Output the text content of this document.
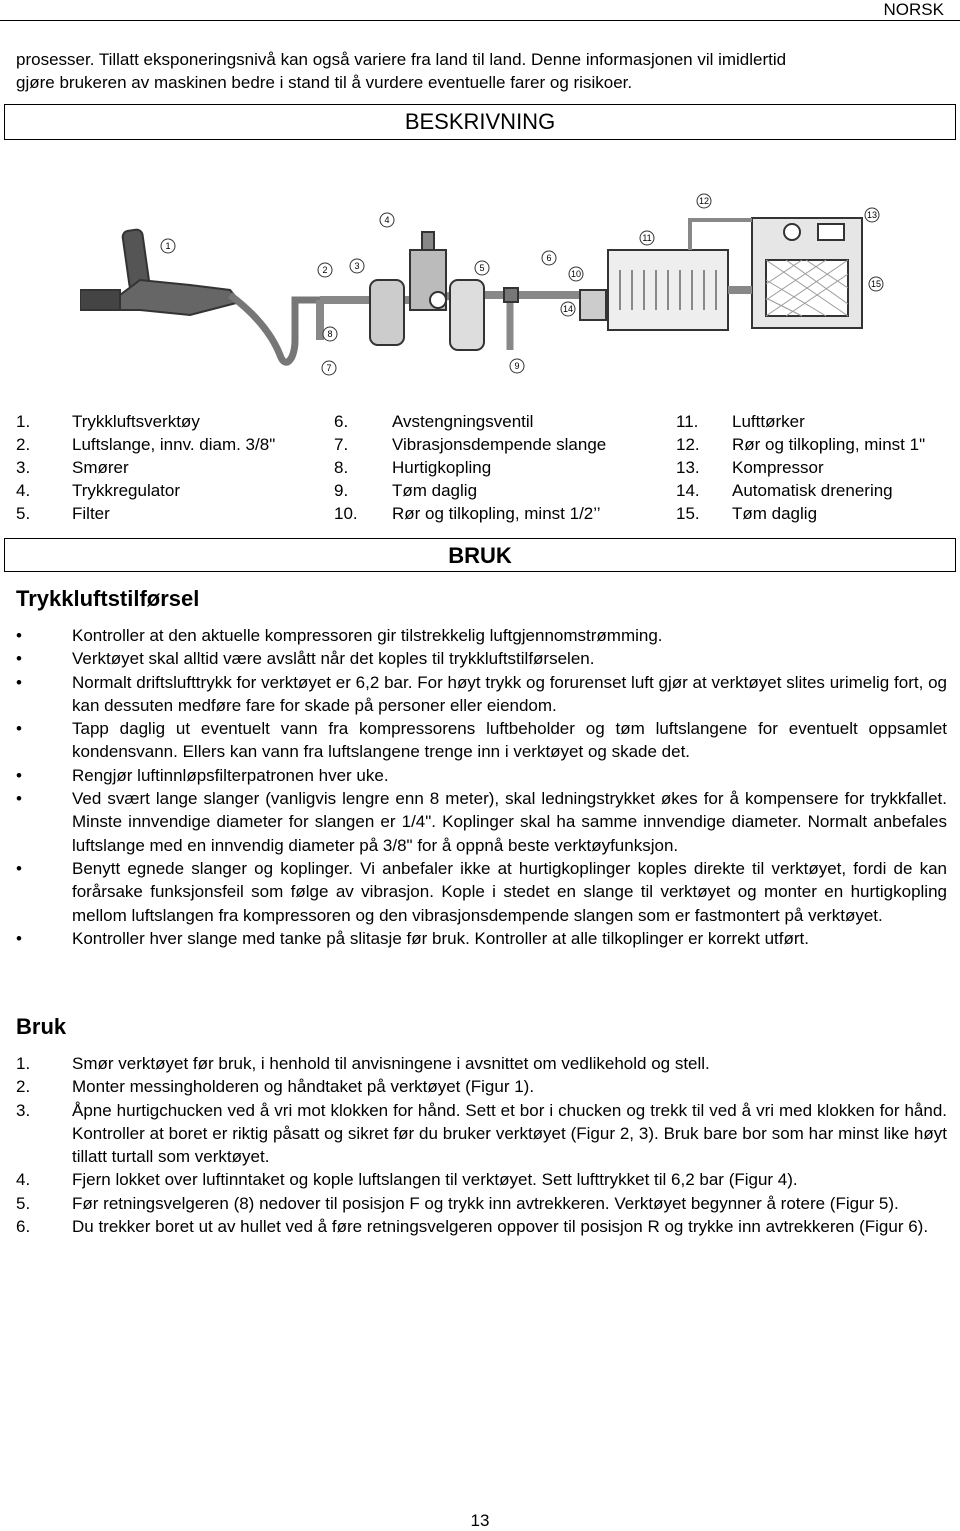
NORSK

prosesser. Tillatt eksponeringsnivå kan også variere fra land til land. Denne informasjonen vil imidlertid

gjøre brukeren av maskinen bedre i stand til å vurdere eventuelle farer og risikoer.

BESKRIVNING
1
2	3
4
5
6
7
8
9
10
11
12
13
14
15
1.	Trykkluftsverktøy
2.	Luftslange, innv. diam. 3/8"
3.	Smører
4.	Trykkregulator
5.	Filter
6.	Avstengningsventil
7.	Vibrasjonsdempende slange
8.	Hurtigkopling
9.	Tøm daglig
10.	Rør og tilkopling, minst 1/2’’
11.	Lufttørker
12.	Rør og tilkopling, minst 1"
13.	Kompressor
14.	Automatisk drenering
15.	Tøm daglig
BRUK
Trykkluftstilførsel
•	Kontroller at den aktuelle kompressoren gir tilstrekkelig luftgjennomstrømming.
•	Verktøyet skal alltid være avslått når det koples til trykkluftstilførselen.
•	Normalt driftslufttrykk for verktøyet er 6,2 bar. For høyt trykk og forurenset luft gjør at verktøyet slites urimelig fort, og kan dessuten medføre fare for skade på personer eller eiendom.
•	Tapp daglig ut eventuelt vann fra kompressorens luftbeholder og tøm luftslangene for eventuelt oppsamlet kondensvann. Ellers kan vann fra luftslangene trenge inn i verktøyet og skade det.
•	Rengjør luftinnløpsfilterpatronen hver uke.
•	Ved svært lange slanger (vanligvis lengre enn 8 meter), skal ledningstrykket økes for å kompensere for trykkfallet. Minste innvendige diameter for slangen er 1/4". Koplinger skal ha samme innvendige diameter. Normalt anbefales luftslange med en innvendig diameter på 3/8" for å oppnå beste verktøyfunksjon.
•	Benytt egnede slanger og koplinger. Vi anbefaler ikke at hurtigkoplinger koples direkte til verktøyet, fordi de kan forårsake funksjonsfeil som følge av vibrasjon. Kople i stedet en slange til verktøyet og monter en hurtigkopling mellom luftslangen fra kompressoren og den vibrasjonsdempende slangen som er fastmontert på verktøyet.
•	Kontroller hver slange med tanke på slitasje før bruk. Kontroller at alle tilkoplinger er korrekt utført.
Bruk
1. Smør verktøyet før bruk, i henhold til anvisningene i avsnittet om vedlikehold og stell.
2. Monter messingholderen og håndtaket på verktøyet (Figur 1).
3. Åpne hurtigchucken ved å vri mot klokken for hånd. Sett et bor i chucken og trekk til ved å vri med klokken for hånd. Kontroller at boret er riktig påsatt og sikret før du bruker verktøyet (Figur 2, 3). Bruk bare bor som har minst like høyt tillatt turtall som verktøyet.
4. Fjern lokket over luftinntaket og kople luftslangen til verktøyet. Sett lufttrykket til 6,2 bar (Figur 4).
5. Før retningsvelgeren (8) nedover til posisjon F og trykk inn avtrekkeren. Verktøyet begynner å rotere (Figur 5).
6. Du trekker boret ut av hullet ved å føre retningsvelgeren oppover til posisjon R og trykke inn avtrekkeren (Figur 6).
13
